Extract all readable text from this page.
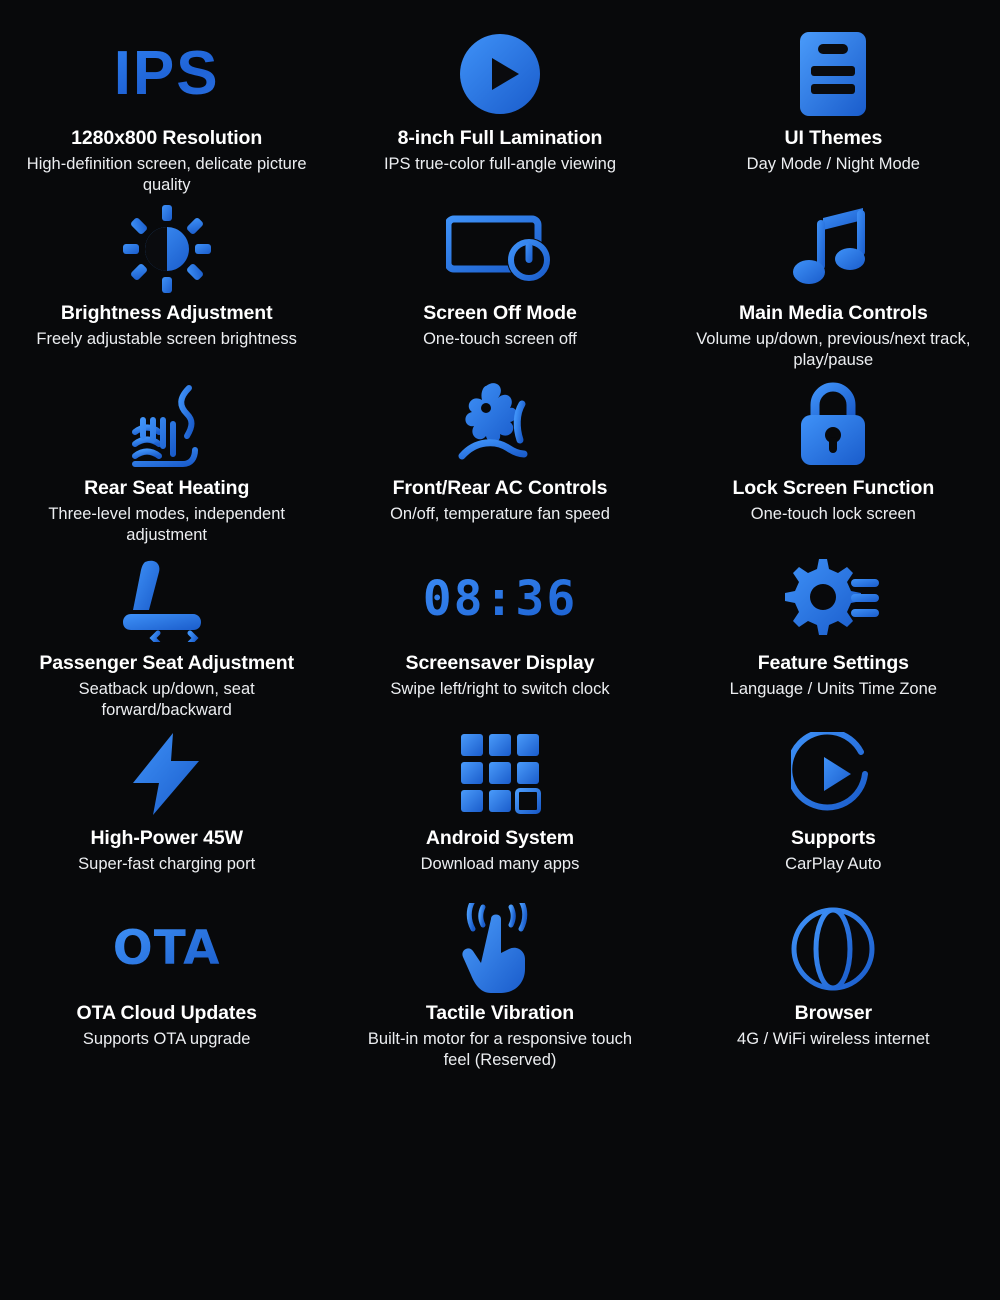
IPS
1280x800 Resolution
High-definition screen, delicate picture quality
8-inch Full Lamination
IPS true-color full-angle viewing
UI Themes
Day Mode / Night Mode
Brightness Adjustment
Freely adjustable screen brightness
Screen Off Mode
One-touch screen off
Main Media Controls
Volume up/down, previous/next track, play/pause
Rear Seat Heating
Three-level modes, independent adjustment
Front/Rear AC Controls
On/off, temperature fan speed
Lock Screen Function
One-touch lock screen
Passenger Seat Adjustment
Seatback up/down, seat forward/backward
08:36
Screensaver Display
Swipe left/right to switch clock
Feature Settings
Language / Units Time Zone
High-Power 45W
Super-fast charging port
Android System
Download many apps
Supports
CarPlay Auto
OTA
OTA Cloud Updates
Supports OTA upgrade
Tactile Vibration
Built-in motor for a responsive touch feel (Reserved)
Browser
4G / WiFi wireless internet
